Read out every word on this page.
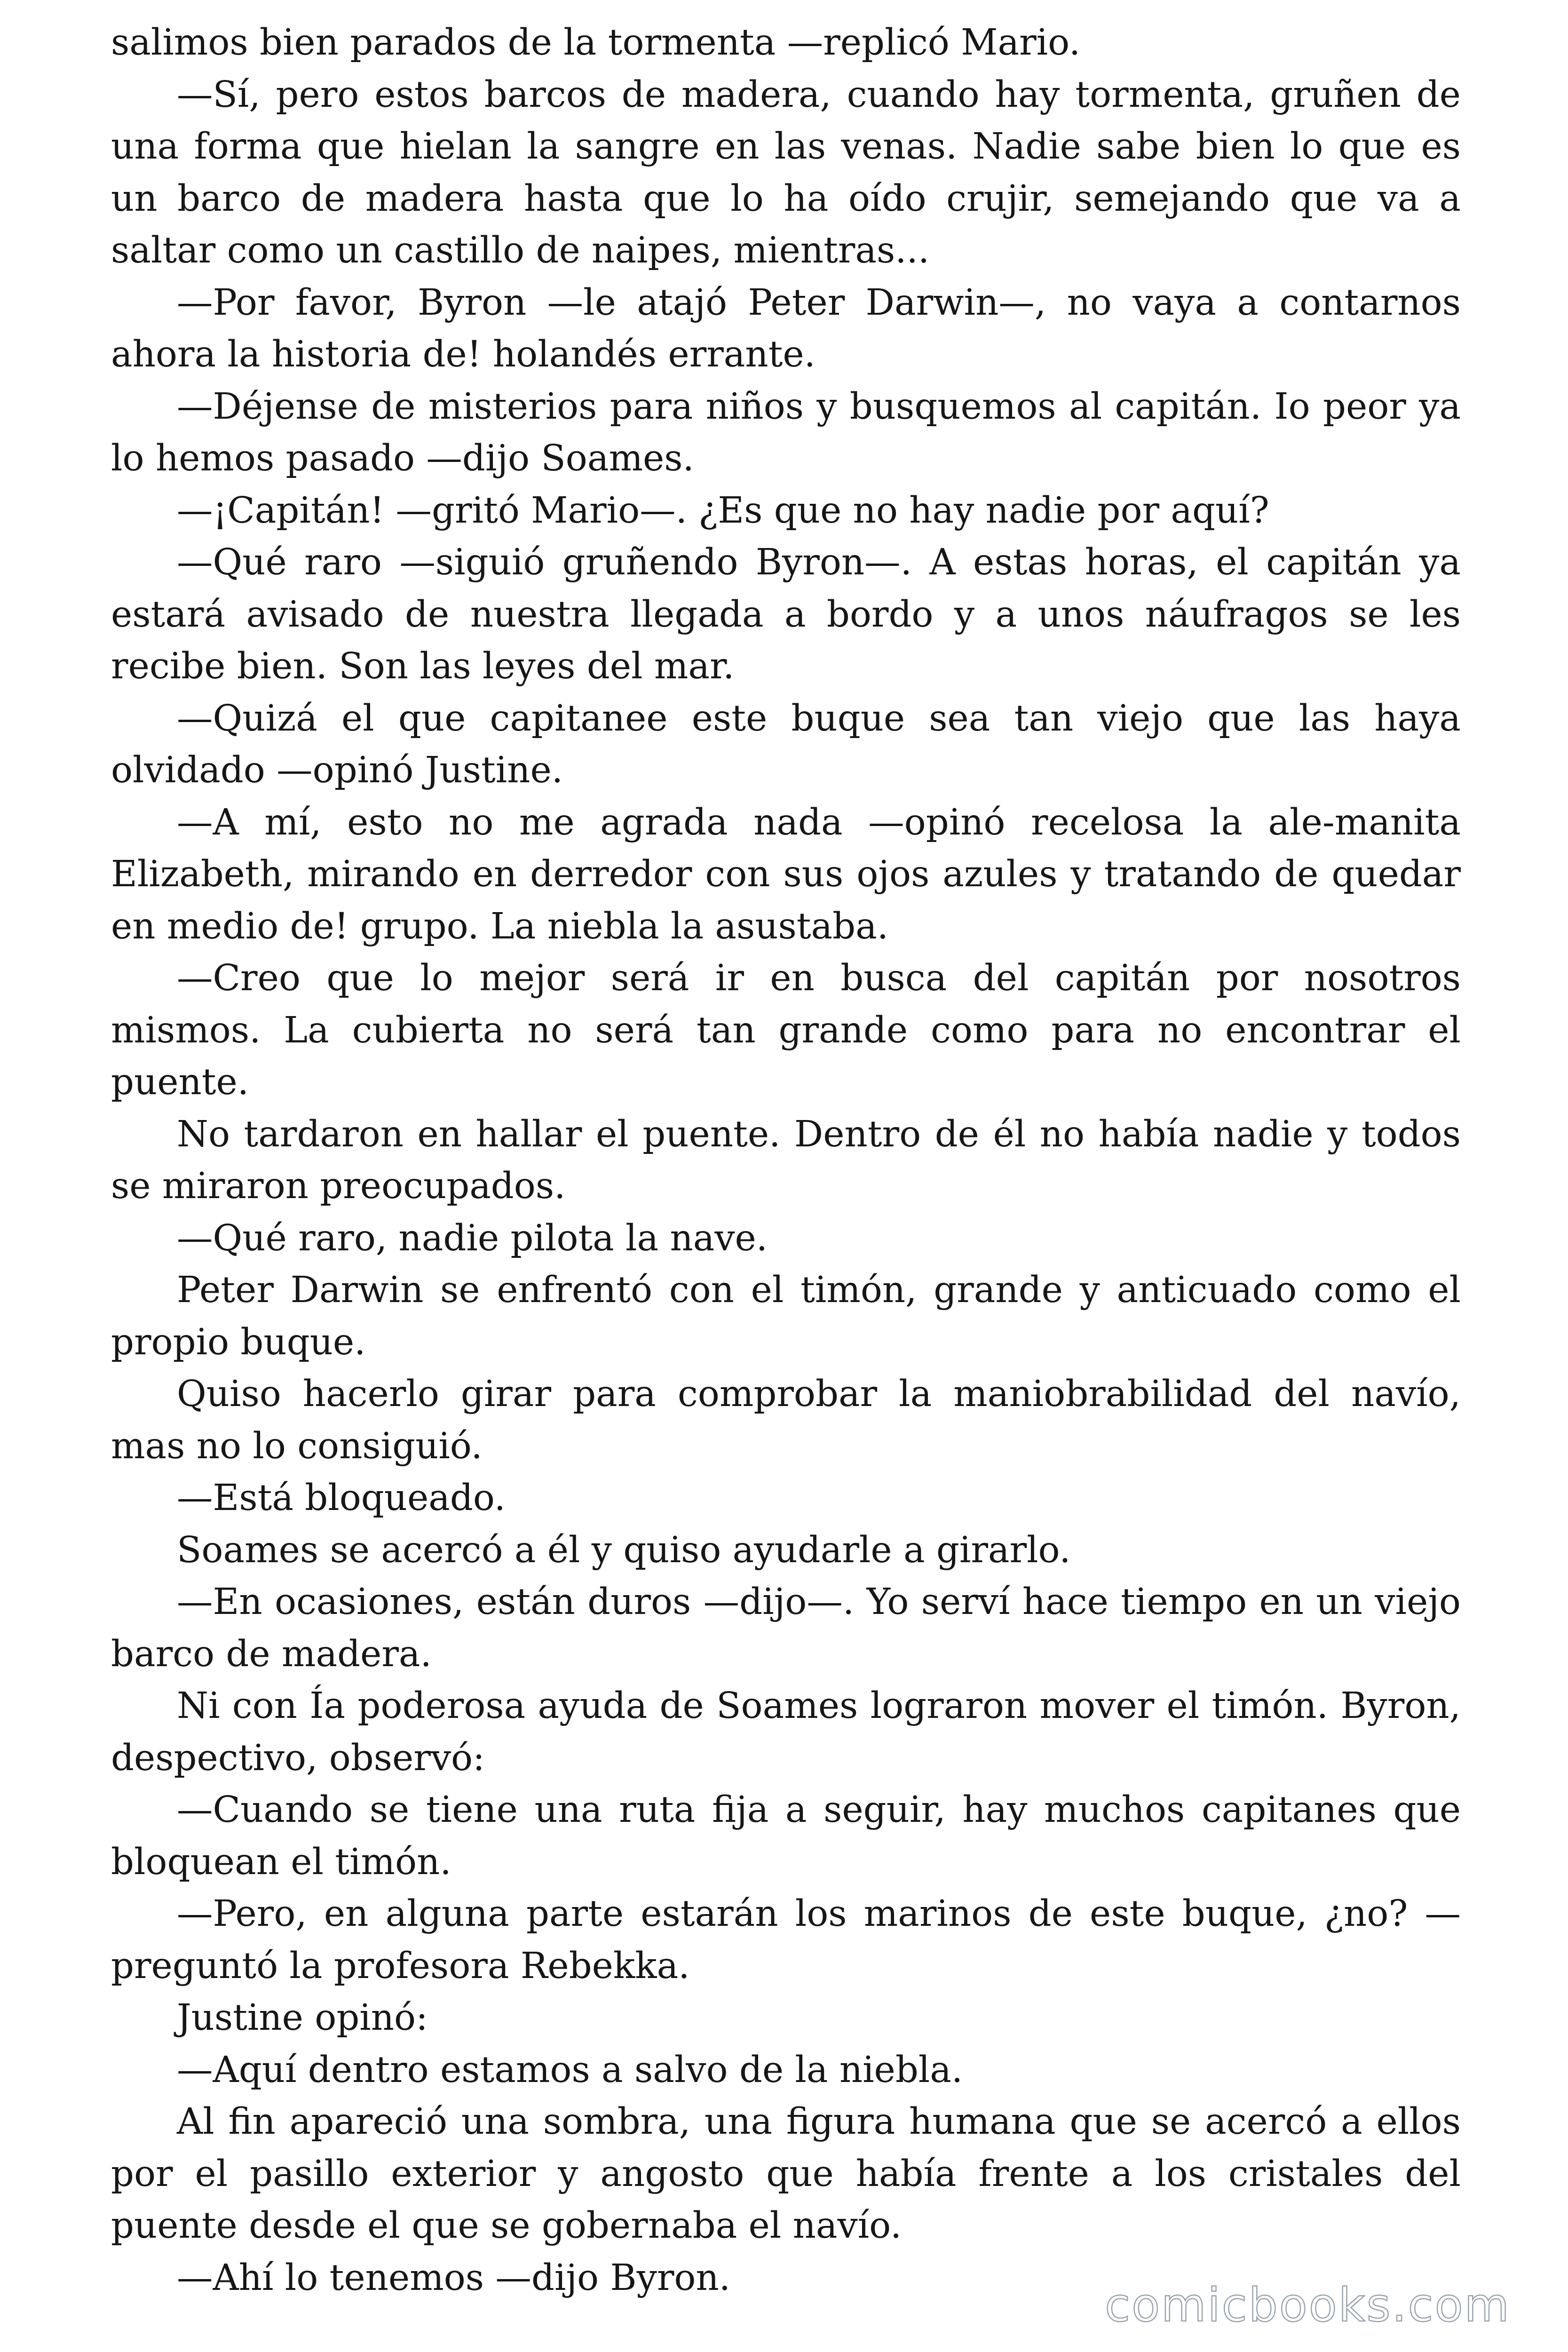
salimos bien parados de la tormenta —replicó Mario.

—Sí, pero estos barcos de madera, cuando hay tormenta, gruñen de una forma que hielan la sangre en las venas. Nadie sabe bien lo que es un barco de madera hasta que lo ha oído crujir, semejando que va a saltar como un castillo de naipes, mientras...

—Por favor, Byron —le atajó Peter Darwin—, no vaya a contarnos ahora la historia de! holandés errante.

—Déjense de misterios para niños y busquemos al capitán. Io peor ya lo hemos pasado —dijo Soames.

—¡Capitán! —gritó Mario—. ¿Es que no hay nadie por aquí?

—Qué raro —siguió gruñendo Byron—. A estas horas, el capitán ya estará avisado de nuestra llegada a bordo y a unos náufragos se les recibe bien. Son las leyes del mar.

—Quizá el que capitanee este buque sea tan viejo que las haya olvidado —opinó Justine.

—A mí, esto no me agrada nada —opinó recelosa la ale-manita Elizabeth, mirando en derredor con sus ojos azules y tratando de quedar en medio de! grupo. La niebla la asustaba.

—Creo que lo mejor será ir en busca del capitán por nosotros mismos. La cubierta no será tan grande como para no encontrar el puente.

No tardaron en hallar el puente. Dentro de él no había nadie y todos se miraron preocupados.

—Qué raro, nadie pilota la nave.

Peter Darwin se enfrentó con el timón, grande y anticuado como el propio buque.

Quiso hacerlo girar para comprobar la maniobrabilidad del navío, mas no lo consiguió.

—Está bloqueado.

Soames se acercó a él y quiso ayudarle a girarlo.

—En ocasiones, están duros —dijo—. Yo serví hace tiempo en un viejo barco de madera.

Ni con Ía poderosa ayuda de Soames lograron mover el timón. Byron, despectivo, observó:

—Cuando se tiene una ruta fija a seguir, hay muchos capitanes que bloquean el timón.

—Pero, en alguna parte estarán los marinos de este buque, ¿no? —preguntó la profesora Rebekka.

Justine opinó:

—Aquí dentro estamos a salvo de la niebla.

Al fin apareció una sombra, una figura humana que se acercó a ellos por el pasillo exterior y angosto que había frente a los cristales del puente desde el que se gobernaba el navío.

—Ahí lo tenemos —dijo Byron.

comicbooks.com
